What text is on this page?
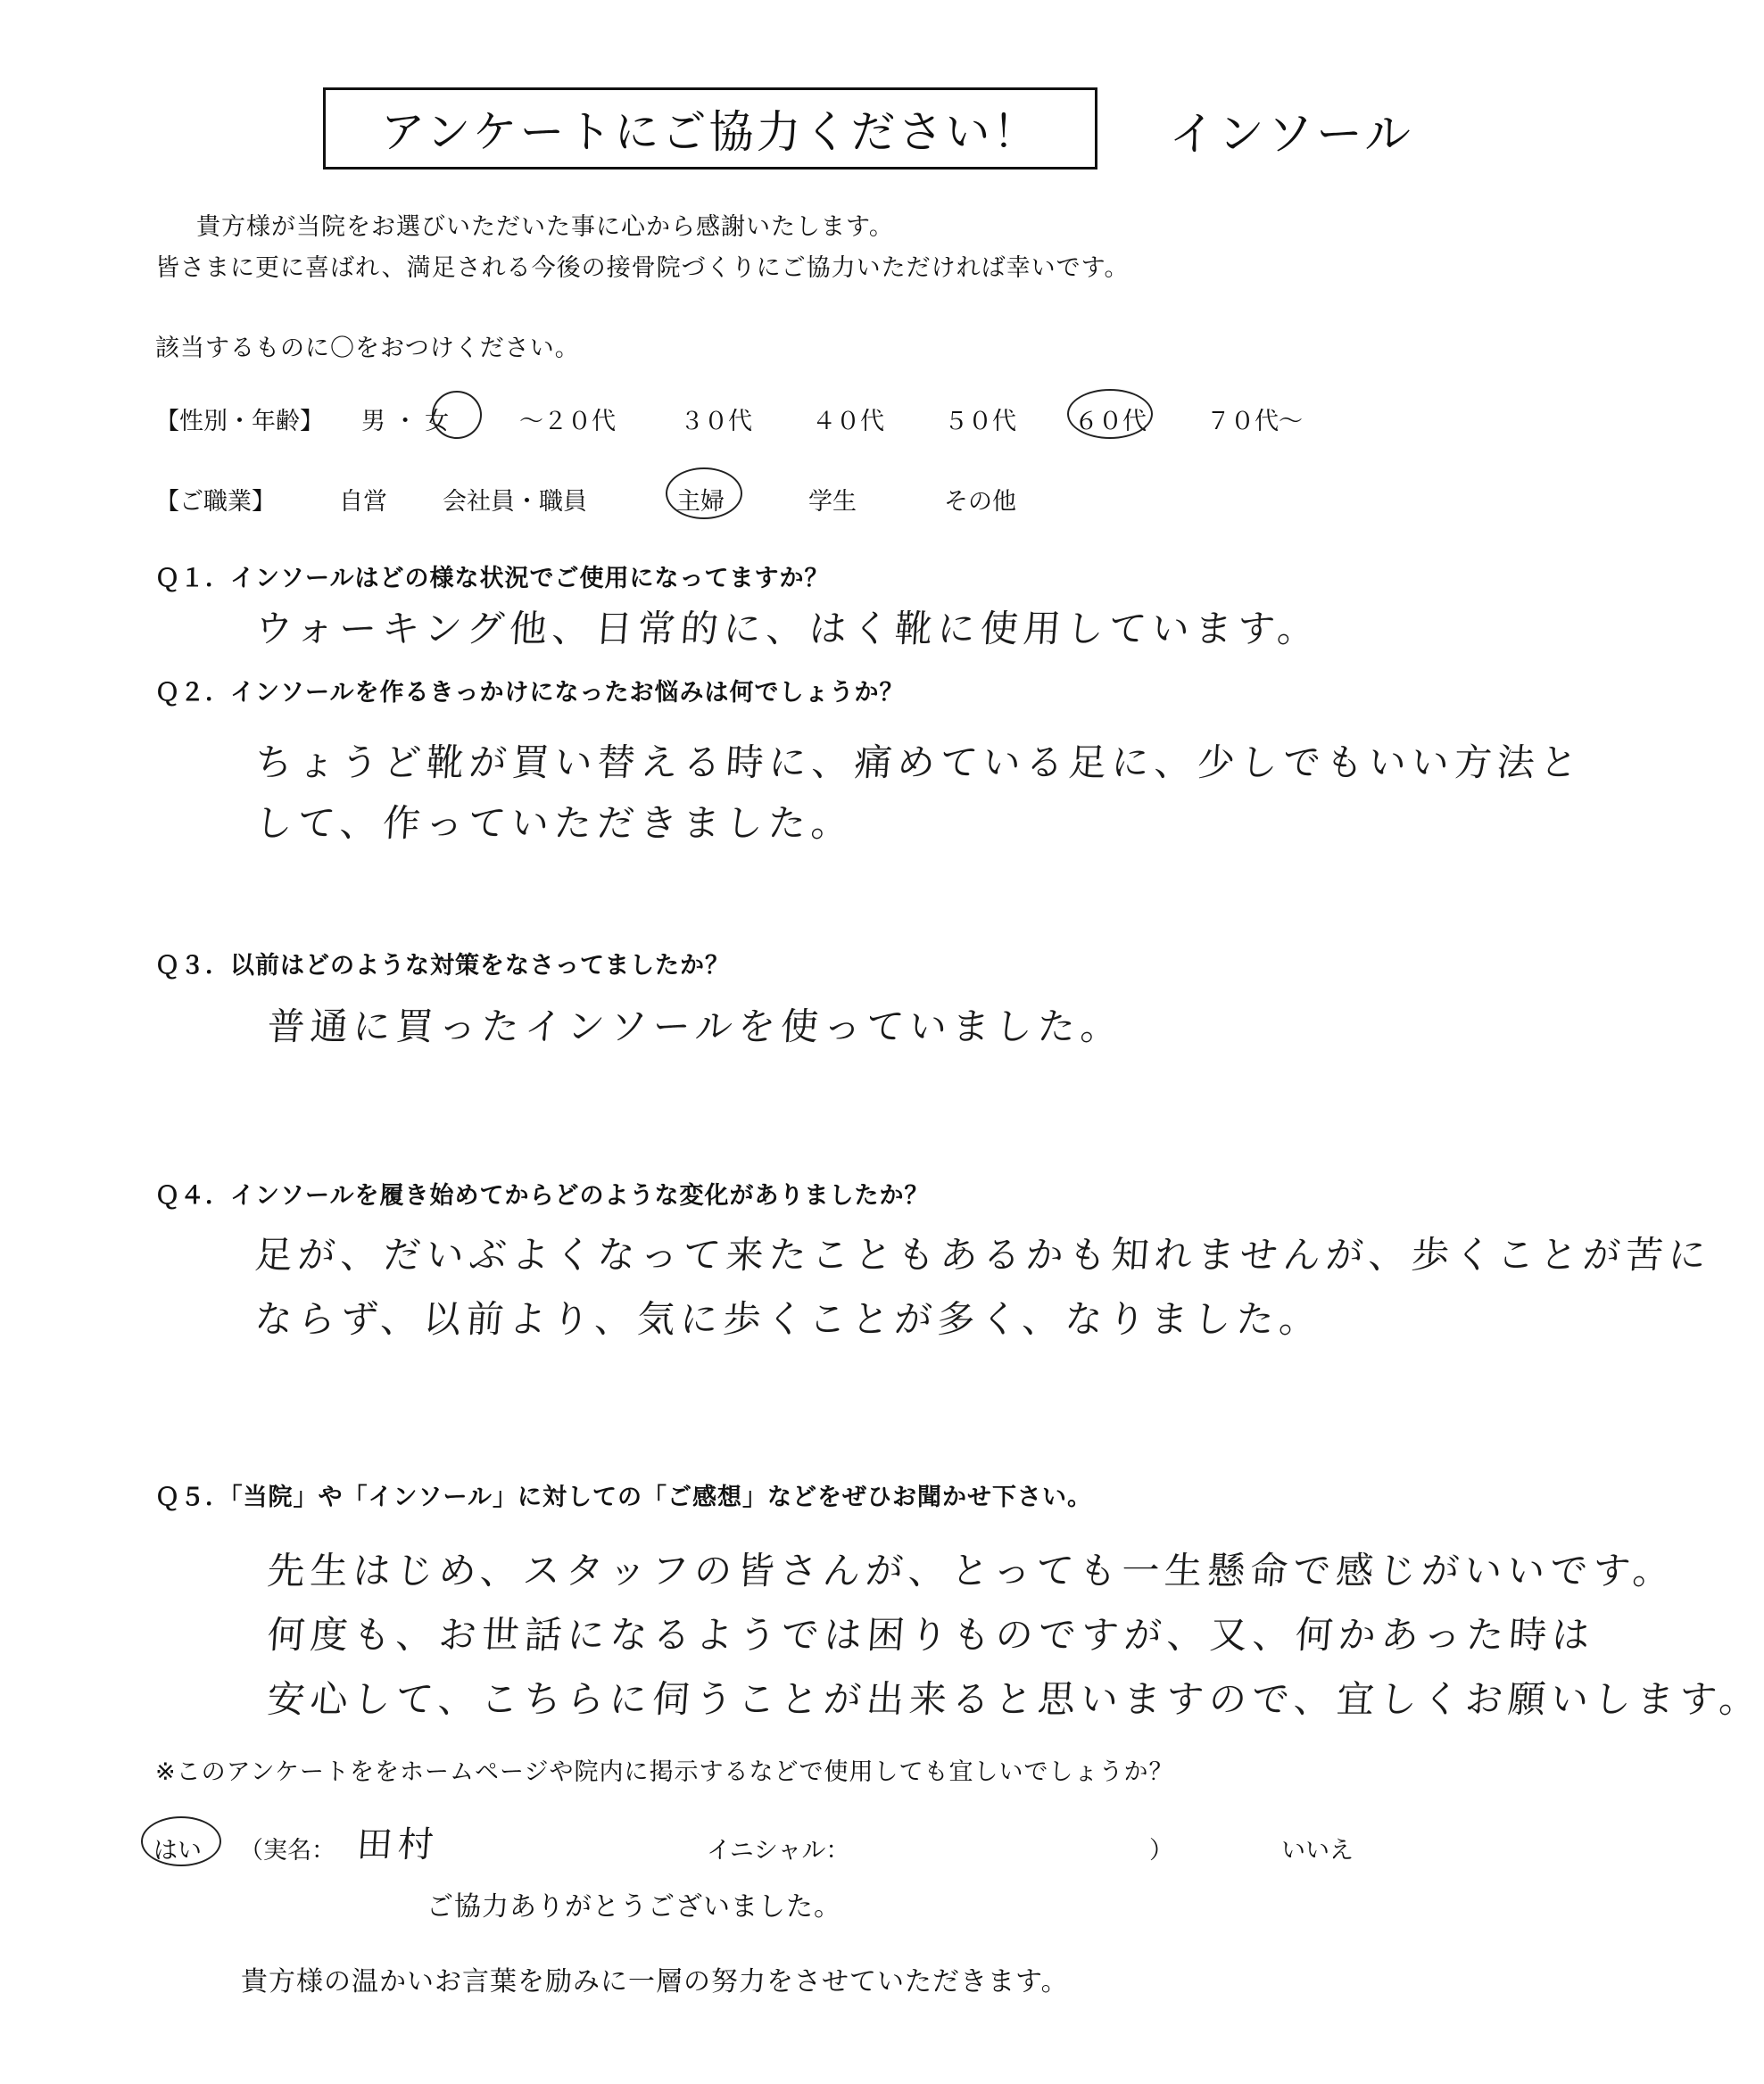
アンケートにご協力ください！	インソール
貴方様が当院をお選びいただいた事に心から感謝いたします。
皆さまに更に喜ばれ、満足される今後の接骨院づくりにご協力いただければ幸いです。
該当するものに〇をおつけください。
【性別・年齢】 男 ・ 女	～２０代	３０代 ４０代 ５０代 ６０代 ７０代～
【ご職業】	自営 会社員・職員	主婦	学生	その他
Ｑ１．インソールはどの様な状況でご使用になってますか？
ウォーキング他、日常的に、はく靴に使用しています。
Ｑ２．インソールを作るきっかけになったお悩みは何でしょうか？
ちょうど靴が買い替える時に、痛めている足に、少しでもいい方法と
して、作っていただきました。
Ｑ３．以前はどのような対策をなさってましたか？
普通に買ったインソールを使っていました。
Ｑ４．インソールを履き始めてからどのような変化がありましたか？
足が、だいぶよくなって来たこともあるかも知れませんが、歩くことが苦に
ならず、以前より、気に歩くことが多く、なりました。
Ｑ５．「当院」や「インソール」に対しての「ご感想」などをぜひお聞かせ下さい。
先生はじめ、スタッフの皆さんが、とっても一生懸命で感じがいいです。
何度も、お世話になるようでは困りものですが、又、何かあった時は
安心して、こちらに伺うことが出来ると思いますので、宜しくお願いします。
※このアンケートををホームページや院内に掲示するなどで使用しても宜しいでしょうか？
はい （実名： 田村	イニシャル：	）	いいえ
ご協力ありがとうございました。
貴方様の温かいお言葉を励みに一層の努力をさせていただきます。
